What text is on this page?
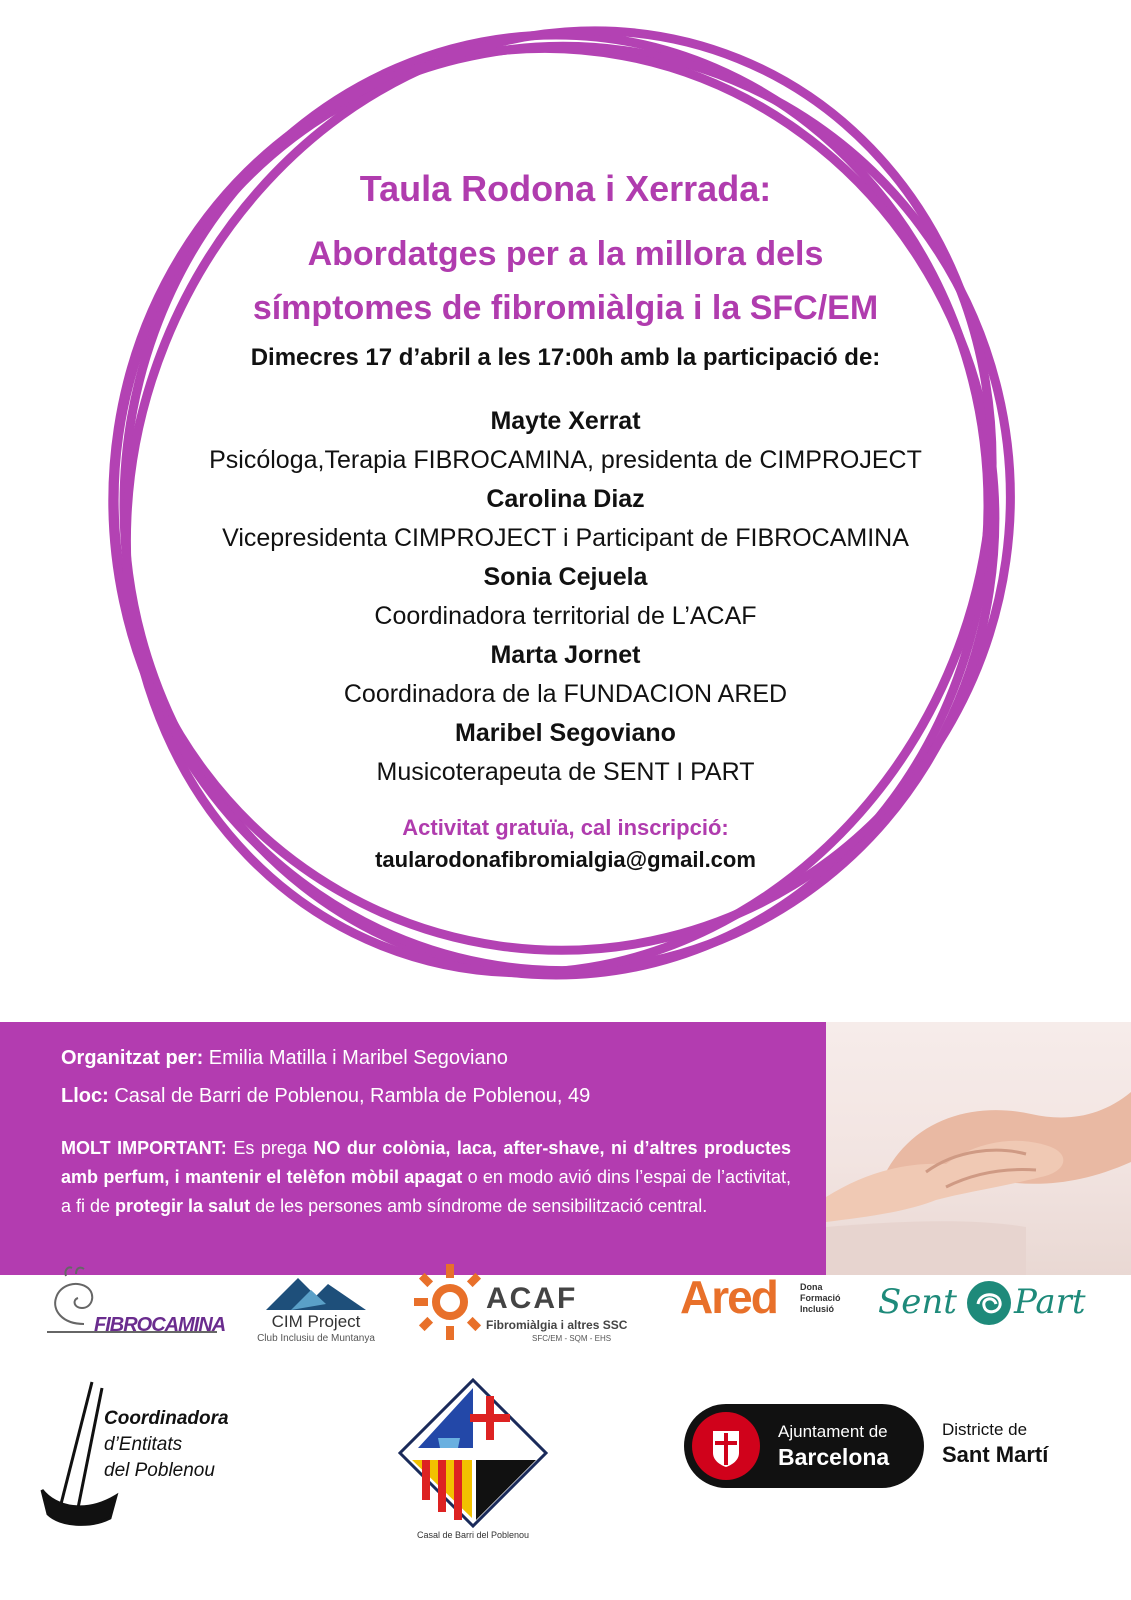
Taula Rodona i Xerrada:
Abordatges per a la millora dels
símptomes de fibromiàlgia i la SFC/EM
Dimecres 17 d’abril a les 17:00h amb la participació de:
Mayte Xerrat
Psicóloga,Terapia FIBROCAMINA, presidenta de CIMPROJECT
Carolina Diaz
Vicepresidenta CIMPROJECT i Participant de FIBROCAMINA
Sonia Cejuela
Coordinadora territorial de L’ACAF
Marta Jornet
Coordinadora de la FUNDACION ARED
Maribel Segoviano
Musicoterapeuta de SENT I PART
Activitat gratuïa, cal inscripció:
taularodonafibromialgia@gmail.com
Organitzat per: Emilia Matilla i Maribel Segoviano
Lloc: Casal de Barri de Poblenou, Rambla de Poblenou, 49
MOLT IMPORTANT: Es prega NO dur colònia, laca, after-shave, ni d’altres productes amb perfum, i mantenir el telèfon mòbil apagat o en modo avió dins l’espai de l’activitat, a fi de protegir la salut de les persones amb síndrome de sensibilització central.
FIBROCAMINA	CIM Project
Club Inclusiu de Muntanya
ACAF
Fibromiàlgia i altres SSC
SFC/EM - SQM - EHS
Ared	Dona
Formació
Inclusió Sent Part
Coordinadora
d’Entitats
del Poblenou
Casal de Barri del Poblenou
Ajuntament de
Barcelona
Districte de
Sant Martí
